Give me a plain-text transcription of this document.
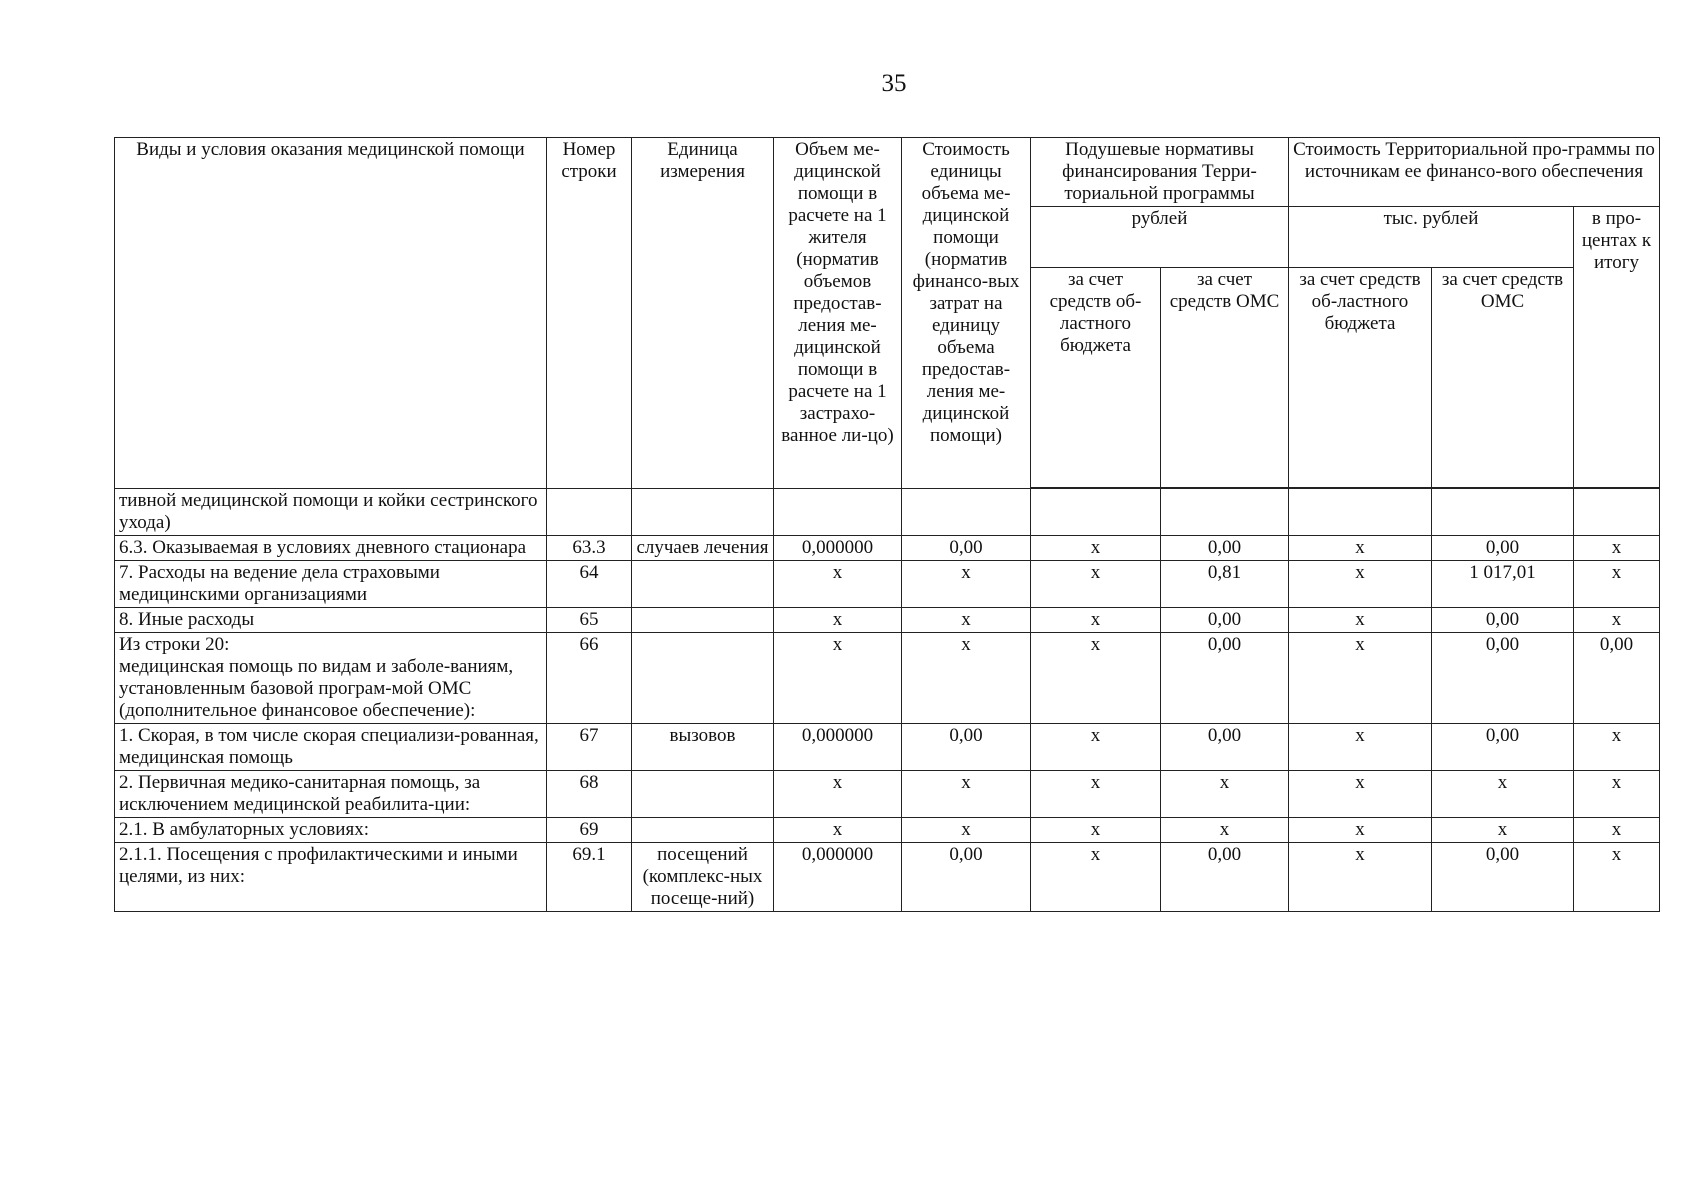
35
Виды и условия оказания медицинской помощи	Номер строки	Единица измерения	Объем ме-дицинской помощи в расчете на 1 жителя (норматив объемов предостав-ления ме-дицинской помощи в расчете на 1 застрахо-ванное ли-цо)	Стоимость единицы объема ме-дицинской помощи (норматив финансо-вых затрат на единицу объема предостав-ления ме-дицинской помощи)	Подушевые нормативы финансирования Терри-ториальной программы		Стоимость Территориальной про-граммы по источникам ее финансо-вого обеспечения		
					рублей		тыс. рублей		в про-центах к итогу
					за счет средств об-ластного бюджета	за счет средств ОМС	за счет средств об-ластного бюджета	за счет средств ОМС	

тивной медицинской помощи и койки сестринского ухода)									
6.3. Оказываемая в условиях дневного стационара	63.3	случаев лечения	0,000000	0,00	x	0,00	x	0,00	x
7. Расходы на ведение дела страховыми медицинскими организациями	64		x	x	x	0,81	x	1 017,01	x
8. Иные расходы	65		x	x	x	0,00	x	0,00	x
Из строки 20:
медицинская помощь по видам и заболе-ваниям, установленным базовой програм-мой ОМС (дополнительное финансовое обеспечение):	66		x	x	x	0,00	x	0,00	0,00
1. Скорая, в том числе скорая специализи-рованная, медицинская помощь	67	вызовов	0,000000	0,00	x	0,00	x	0,00	x
2. Первичная медико-санитарная помощь, за исключением медицинской реабилита-ции:	68		x	x	x	x	x	x	x
2.1. В амбулаторных условиях:	69		x	x	x	x	x	x	x
2.1.1. Посещения с профилактическими и иными целями, из них:	69.1	посещений (комплекс-ных посеще-ний)	0,000000	0,00	x	0,00	x	0,00	x
